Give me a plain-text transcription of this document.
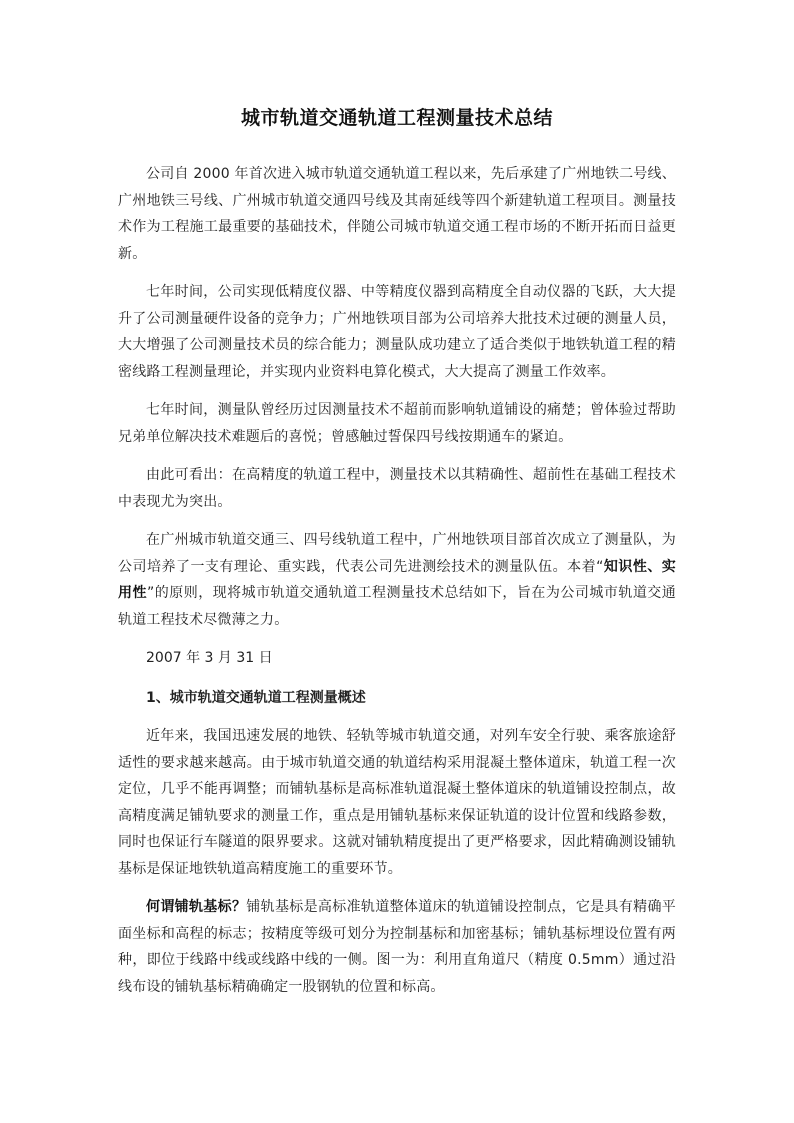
城市轨道交通轨道工程测量技术总结

公司自 2000 年首次进入城市轨道交通轨道工程以来，先后承建了广州地铁二号线、广州地铁三号线、广州城市轨道交通四号线及其南延线等四个新建轨道工程项目。测量技术作为工程施工最重要的基础技术，伴随公司城市轨道交通工程市场的不断开拓而日益更新。

七年时间，公司实现低精度仪器、中等精度仪器到高精度全自动仪器的飞跃，大大提升了公司测量硬件设备的竞争力；广州地铁项目部为公司培养大批技术过硬的测量人员，大大增强了公司测量技术员的综合能力；测量队成功建立了适合类似于地铁轨道工程的精密线路工程测量理论，并实现内业资料电算化模式，大大提高了测量工作效率。

七年时间，测量队曾经历过因测量技术不超前而影响轨道铺设的痛楚；曾体验过帮助兄弟单位解决技术难题后的喜悦；曾感触过誓保四号线按期通车的紧迫。

由此可看出：在高精度的轨道工程中，测量技术以其精确性、超前性在基础工程技术中表现尤为突出。

在广州城市轨道交通三、四号线轨道工程中，广州地铁项目部首次成立了测量队，为公司培养了一支有理论、重实践，代表公司先进测绘技术的测量队伍。本着“知识性、实用性”的原则，现将城市轨道交通轨道工程测量技术总结如下，旨在为公司城市轨道交通轨道工程技术尽微薄之力。

2007 年 3 月 31 日

1、城市轨道交通轨道工程测量概述

近年来，我国迅速发展的地铁、轻轨等城市轨道交通，对列车安全行驶、乘客旅途舒适性的要求越来越高。由于城市轨道交通的轨道结构采用混凝土整体道床，轨道工程一次定位，几乎不能再调整；而铺轨基标是高标准轨道混凝土整体道床的轨道铺设控制点，故高精度满足铺轨要求的测量工作，重点是用铺轨基标来保证轨道的设计位置和线路参数，同时也保证行车隧道的限界要求。这就对铺轨精度提出了更严格要求，因此精确测设铺轨基标是保证地铁轨道高精度施工的重要环节。

何谓铺轨基标？铺轨基标是高标准轨道整体道床的轨道铺设控制点，它是具有精确平面坐标和高程的标志；按精度等级可划分为控制基标和加密基标；铺轨基标埋设位置有两种，即位于线路中线或线路中线的一侧。图一为：利用直角道尺（精度 0.5mm）通过沿线布设的铺轨基标精确确定一股钢轨的位置和标高。
